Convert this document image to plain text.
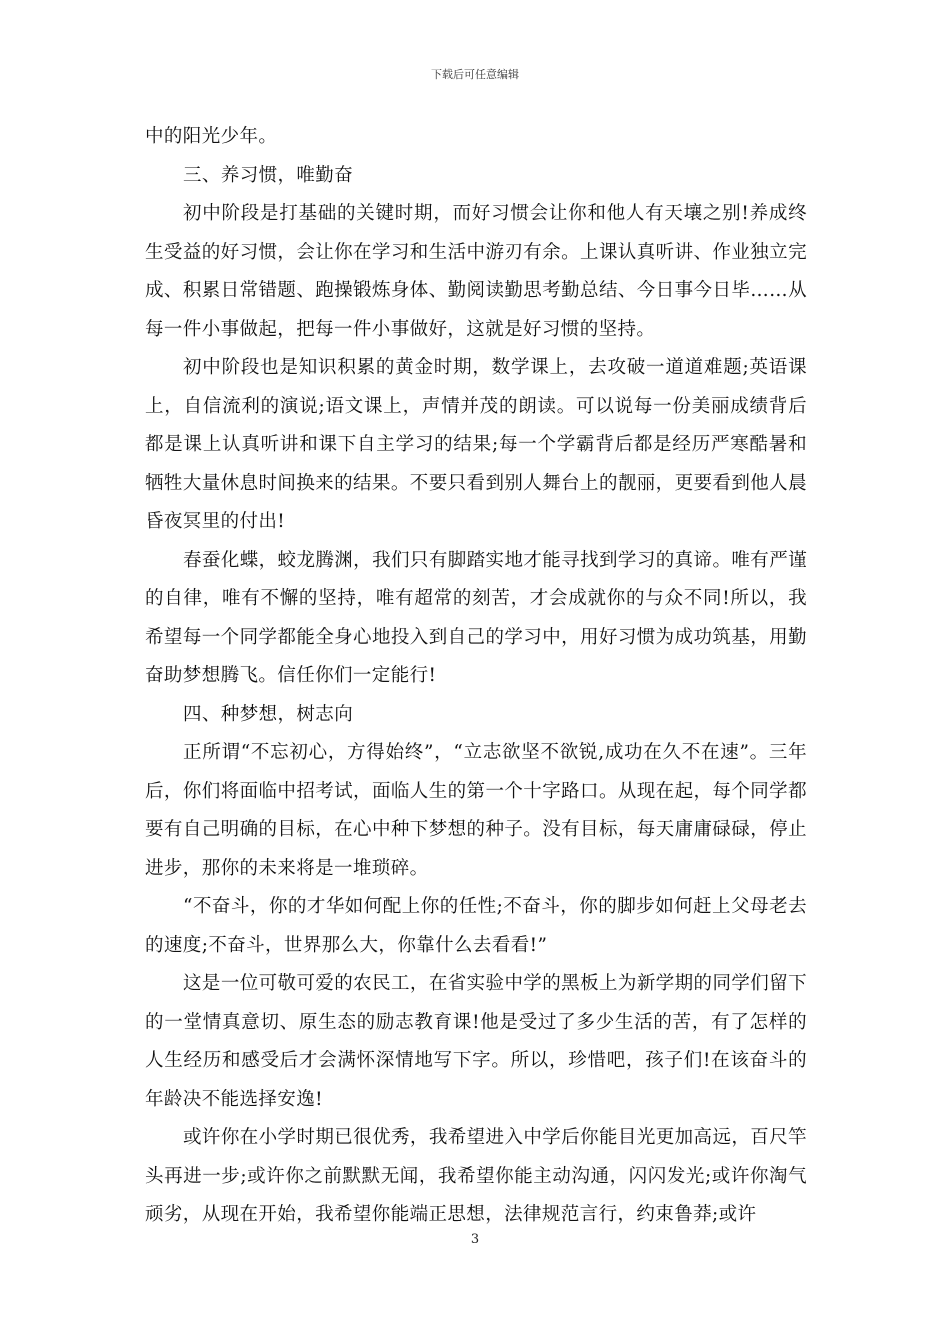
下载后可任意编辑

中的阳光少年。

三、养习惯，唯勤奋

初中阶段是打基础的关键时期，而好习惯会让你和他人有天壤之别!养成终生受益的好习惯，会让你在学习和生活中游刃有余。上课认真听讲、作业独立完成、积累日常错题、跑操锻炼身体、勤阅读勤思考勤总结、今日事今日毕……从每一件小事做起，把每一件小事做好，这就是好习惯的坚持。

初中阶段也是知识积累的黄金时期，数学课上，去攻破一道道难题;英语课上，自信流利的演说;语文课上，声情并茂的朗读。可以说每一份美丽成绩背后都是课上认真听讲和课下自主学习的结果;每一个学霸背后都是经历严寒酷暑和牺牲大量休息时间换来的结果。不要只看到别人舞台上的靓丽，更要看到他人晨昏夜冥里的付出!

春蚕化蝶，蛟龙腾渊，我们只有脚踏实地才能寻找到学习的真谛。唯有严谨的自律，唯有不懈的坚持，唯有超常的刻苦，才会成就你的与众不同!所以，我希望每一个同学都能全身心地投入到自己的学习中，用好习惯为成功筑基，用勤奋助梦想腾飞。信任你们一定能行!

四、种梦想，树志向

正所谓“不忘初心，方得始终”，“立志欲坚不欲锐,成功在久不在速”。三年后，你们将面临中招考试，面临人生的第一个十字路口。从现在起，每个同学都要有自己明确的目标，在心中种下梦想的种子。没有目标，每天庸庸碌碌，停止进步，那你的未来将是一堆琐碎。

“不奋斗，你的才华如何配上你的任性;不奋斗，你的脚步如何赶上父母老去的速度;不奋斗，世界那么大，你靠什么去看看!”

这是一位可敬可爱的农民工，在省实验中学的黑板上为新学期的同学们留下的一堂情真意切、原生态的励志教育课!他是受过了多少生活的苦，有了怎样的人生经历和感受后才会满怀深情地写下字。所以，珍惜吧，孩子们!在该奋斗的年龄决不能选择安逸!

或许你在小学时期已很优秀，我希望进入中学后你能目光更加高远，百尺竿头再进一步;或许你之前默默无闻，我希望你能主动沟通，闪闪发光;或许你淘气顽劣，从现在开始，我希望你能端正思想，法律规范言行，约束鲁莽;或许

3
